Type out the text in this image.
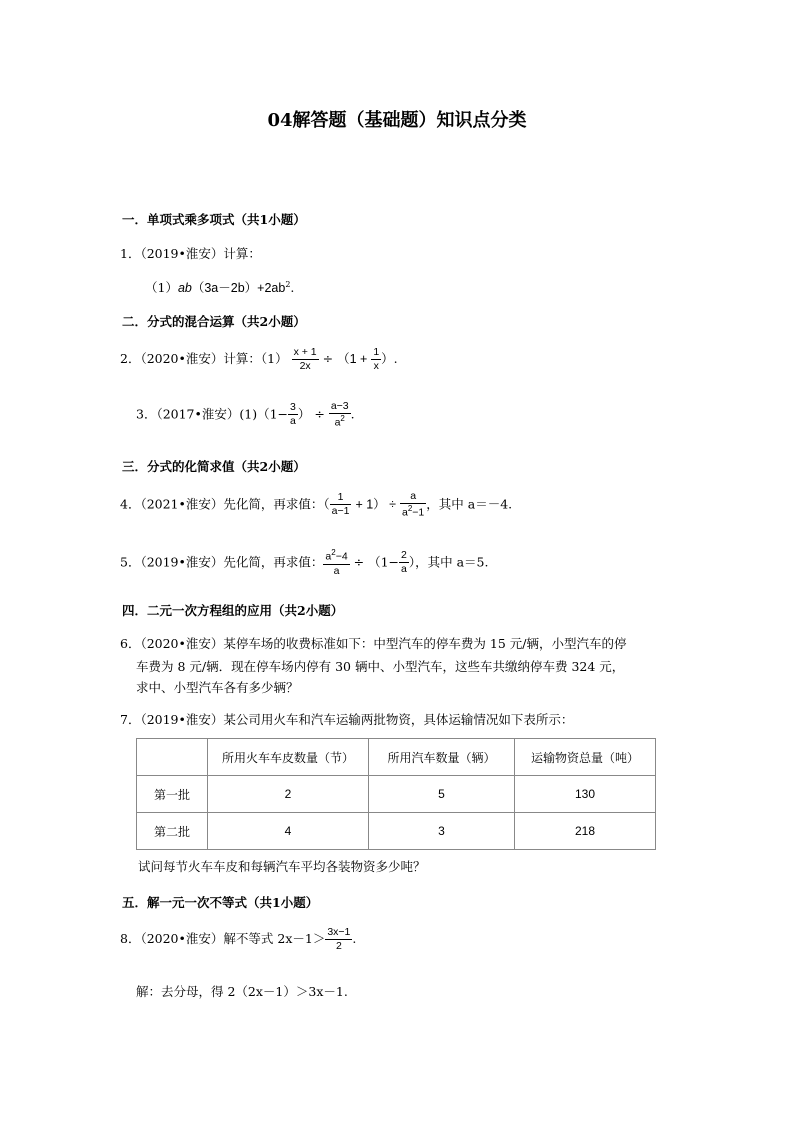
04解答题（基础题）知识点分类
一．单项式乘多项式（共1小题）
1．（2019•淮安）计算：
$(1)ab(3a-2b)+2ab^2$.
二．分式的混合运算（共2小题）
2．（2020•淮安）计算：$(1) \frac{x + 1}{2x} \div (1 + \frac{1}{x}$ ）.
3．（2017•淮安）$(1)(1- \frac{3}{a}$ ） ÷ $\frac{a-3}{a^2}$ .
三．分式的化简求值（共2小题）
4．（2021•淮安）先化简，再求值：（ $\frac{1}{a-1} + 1) \div \frac{a}{a^2-1}$ ，其中 a＝－4.
5．（2019•淮安）先化简，再求值： $\frac{a^2-4}{a} \div (1- \frac{2}{a}$ ），其中 a＝5.
四．二元一次方程组的应用（共2小题）
6．（2020•淮安）某停车场的收费标准如下：中型汽车的停车费为 15 元/辆，小型汽车的停
车费为 8 元/辆．现在停车场内停有 30 辆中、小型汽车，这些车共缴纳停车费 324 元，
求中、小型汽车各有多少辆？
7．（2019•淮安）某公司用火车和汽车运输两批物资，具体运输情况如下表所示：
	所用火车车皮数量（节）	所用汽车数量（辆）	运输物资总量（吨）
第一批	2	5	130
第二批	4	3	218
试问每节火车车皮和每辆汽车平均各装物资多少吨？
五．解一元一次不等式（共1小题）
8．（2020•淮安）解不等式 $2x-1> \frac{3x-1}{2}$ .
解：去分母，得 2（2x－1）＞3x－1.
